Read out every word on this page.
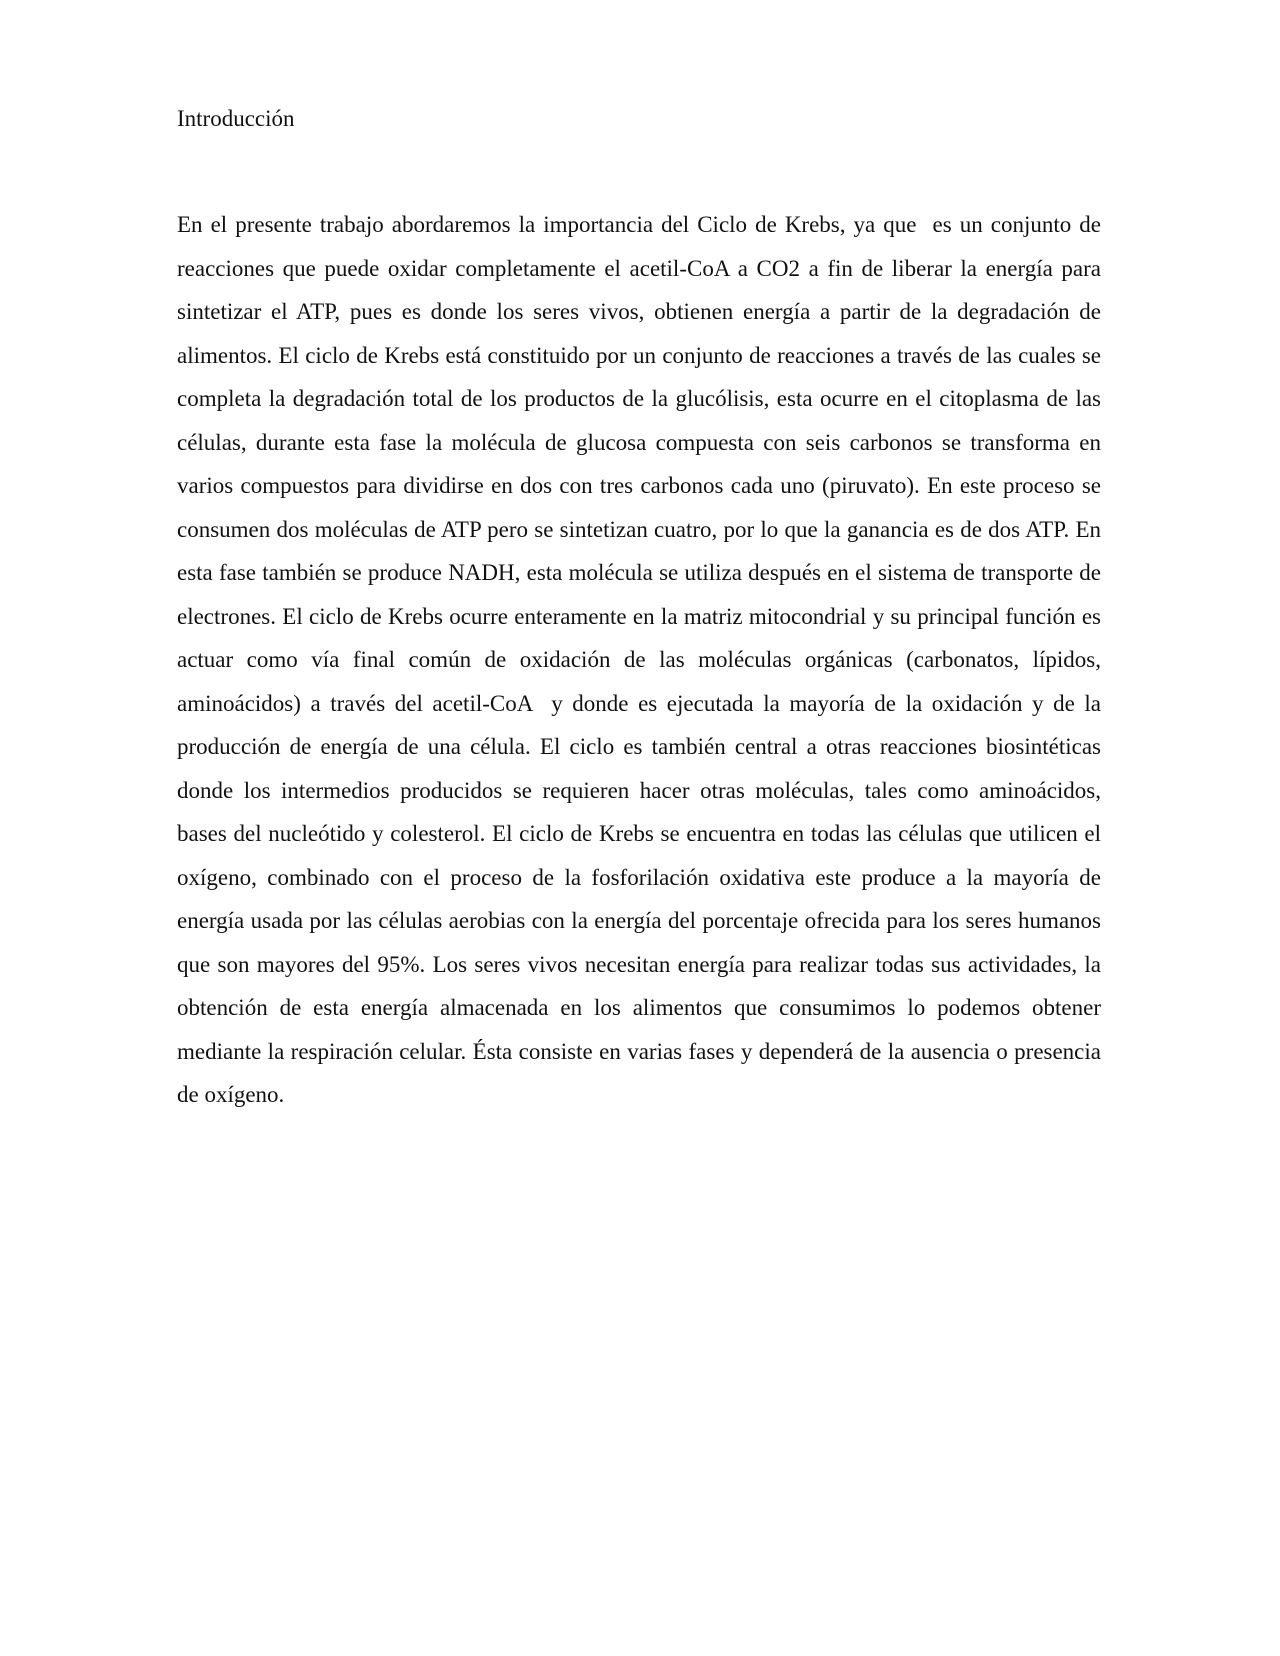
Introducción

En el presente trabajo abordaremos la importancia del Ciclo de Krebs, ya que  es un conjunto de reacciones que puede oxidar completamente el acetil-CoA a CO2 a fin de liberar la energía para sintetizar el ATP, pues es donde los seres vivos, obtienen energía a partir de la degradación de alimentos. El ciclo de Krebs está constituido por un conjunto de reacciones a través de las cuales se completa la degradación total de los productos de la glucólisis, esta ocurre en el citoplasma de las células, durante esta fase la molécula de glucosa compuesta con seis carbonos se transforma en varios compuestos para dividirse en dos con tres carbonos cada uno (piruvato). En este proceso se consumen dos moléculas de ATP pero se sintetizan cuatro, por lo que la ganancia es de dos ATP. En esta fase también se produce NADH, esta molécula se utiliza después en el sistema de transporte de electrones. El ciclo de Krebs ocurre enteramente en la matriz mitocondrial y su principal función es actuar como vía final común de oxidación de las moléculas orgánicas (carbonatos, lípidos, aminoácidos) a través del acetil-CoA  y donde es ejecutada la mayoría de la oxidación y de la producción de energía de una célula. El ciclo es también central a otras reacciones biosintéticas donde los intermedios producidos se requieren hacer otras moléculas, tales como aminoácidos, bases del nucleótido y colesterol. El ciclo de Krebs se encuentra en todas las células que utilicen el oxígeno, combinado con el proceso de la fosforilación oxidativa este produce a la mayoría de energía usada por las células aerobias con la energía del porcentaje ofrecida para los seres humanos que son mayores del 95%. Los seres vivos necesitan energía para realizar todas sus actividades, la obtención de esta energía almacenada en los alimentos que consumimos lo podemos obtener mediante la respiración celular. Ésta consiste en varias fases y dependerá de la ausencia o presencia de oxígeno.
